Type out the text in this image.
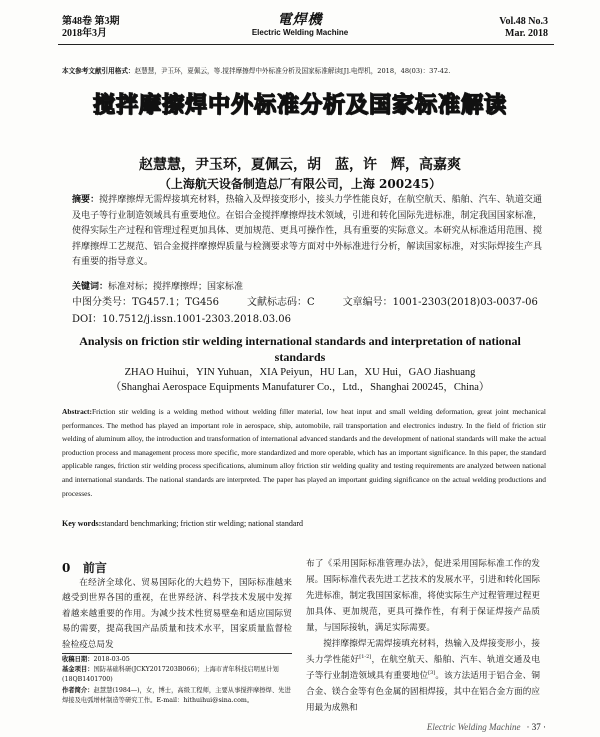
第48卷 第3期
2018年3月
電焊機
Electric Welding Machine
Vol.48 No.3
Mar. 2018
本文参考文献引用格式：赵慧慧，尹玉环，夏佩云，等.搅拌摩擦焊中外标准分析及国家标准解读[J].电焊机，2018，48(03)：37-42.
搅拌摩擦焊中外标准分析及国家标准解读
赵慧慧，尹玉环，夏佩云，胡　蓝，许　辉，高嘉爽
（上海航天设备制造总厂有限公司，上海 200245）
摘要：搅拌摩擦焊无需焊接填充材料，热输入及焊接变形小，接头力学性能良好，在航空航天、船舶、汽车、轨道交通及电子等行业制造领域具有重要地位。在铝合金搅拌摩擦焊技术领域，引进和转化国际先进标准，制定我国国家标准，使得实际生产过程和管理过程更加具体、更加规范、更具可操作性，具有重要的实际意义。本研究从标准适用范围、搅拌摩擦焊工艺规范、铝合金搅拌摩擦焊质量与检测要求等方面对中外标准进行分析，解读国家标准，对实际焊接生产具有重要的指导意义。
关键词：标准对标；搅拌摩擦焊；国家标准
中图分类号：TG457.1；TG456	文献标志码：C	文章编号：1001-2303(2018)03-0037-06
DOI：10.7512/j.issn.1001-2303.2018.03.06
Analysis on friction stir welding international standards and interpretation of national standards
ZHAO Huihui，YIN Yuhuan，XIA Peiyun，HU Lan，XU Hui，GAO Jiashuang
（Shanghai Aerospace Equipments Manufaturer Co.，Ltd.，Shanghai 200245，China）
Abstract:Friction stir welding is a welding method without welding filler material, low heat input and small welding deformation, great joint mechanical performances. The method has played an important role in aerospace, ship, automobile, rail transportation and electronics industry. In the field of friction stir welding of aluminum alloy, the introduction and transformation of international advanced standards and the development of national standards will make the actual production process and management process more specific, more standardized and more operable, which has an important significance. In this paper, the standard applicable ranges, friction stir welding process specifications, aluminum alloy friction stir welding quality and testing requirements are analyzed between national and international standards. The national standards are interpreted. The paper has played an important guiding significance on the actual welding productions and processes.
Key words:standard benchmarking; friction stir welding; national standard
0 前言

在经济全球化、贸易国际化的大趋势下，国际标准越来越受到世界各国的重视，在世界经济、科学技术发展中发挥着越来越重要的作用。为减少技术性贸易壁垒和适应国际贸易的需要，提高我国产品质量和技术水平，国家质量监督检验检疫总局发

收稿日期：2018-03-05
基金项目：国防基础科研(JCKY2017203B066)；上海市青年科技启明星计划(18QB1401700)
作者简介：赵慧慧(1984—)，女，博士，高级工程师，主要从事搅拌摩擦焊、先进焊接及电弧增材制造等研究工作。E-mail：hithuihui@sina.com。

布了《采用国际标准管理办法》，促进采用国际标准工作的发展。国际标准代表先进工艺技术的发展水平，引进和转化国际先进标准，制定我国国家标准，将使实际生产过程管理过程更加具体、更加规范，更具可操作性，有利于保证焊接产品质量，与国际接轨，满足实际需要。

搅拌摩擦焊无需焊接填充材料，热输入及焊接变形小，接头力学性能好[1-2]，在航空航天、船舶、汽车、轨道交通及电子等行业制造领域具有重要地位[3]。该方法适用于铝合金、铜合金、镁合金等有色金属的固相焊接，其中在铝合金方面的应用最为成熟和

Electric Welding Machine · 37 ·
